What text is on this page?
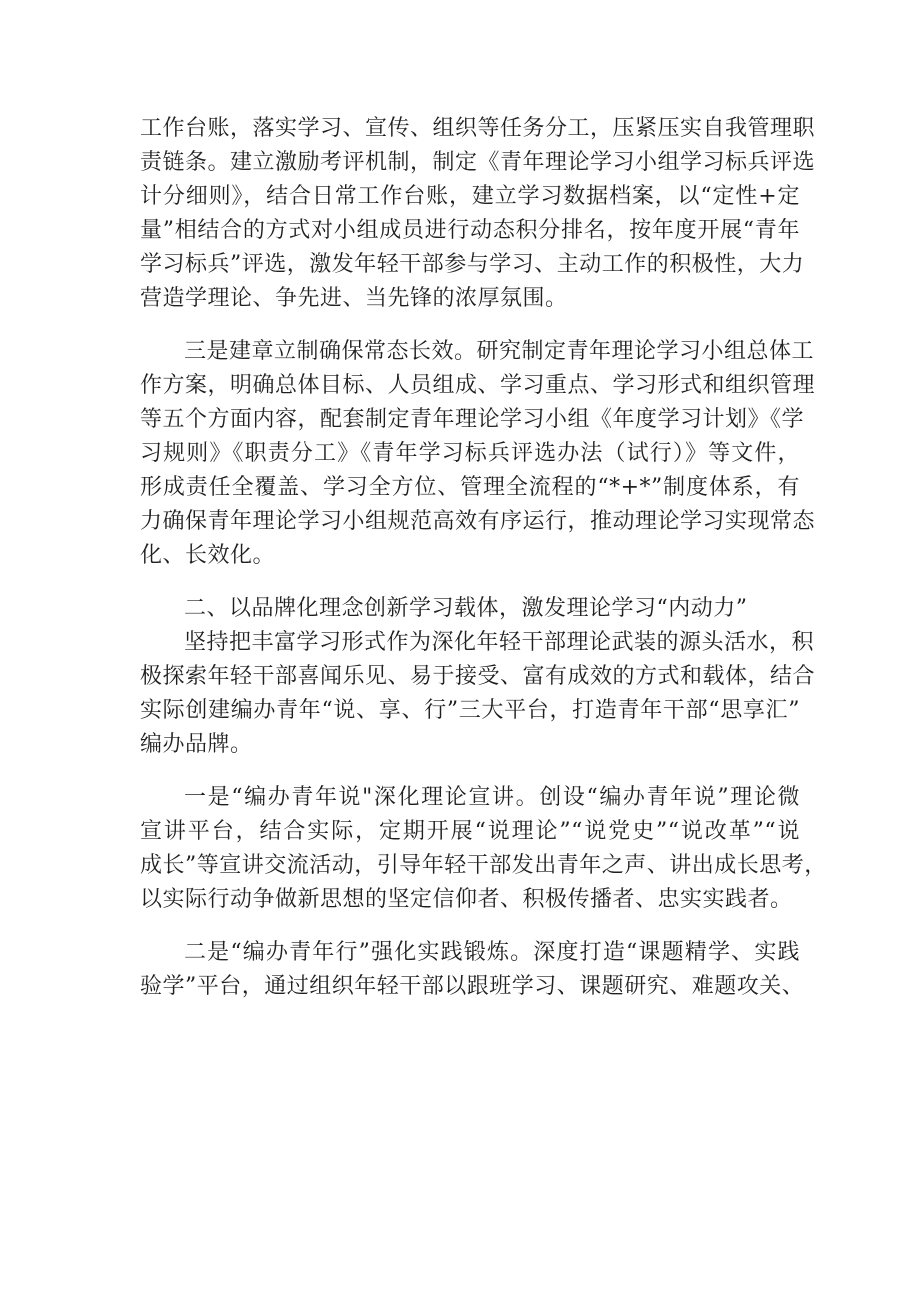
工作台账，落实学习、宣传、组织等任务分工，压紧压实自我管理职
责链条。建立激励考评机制，制定《青年理论学习小组学习标兵评选
计分细则》，结合日常工作台账，建立学习数据档案，以“定性+定
量”相结合的方式对小组成员进行动态积分排名，按年度开展“青年
学习标兵”评选，激发年轻干部参与学习、主动工作的积极性，大力
营造学理论、争先进、当先锋的浓厚氛围。
三是建章立制确保常态长效。研究制定青年理论学习小组总体工
作方案，明确总体目标、人员组成、学习重点、学习形式和组织管理
等五个方面内容，配套制定青年理论学习小组《年度学习计划》《学
习规则》《职责分工》《青年学习标兵评选办法（试行）》等文件，
形成责任全覆盖、学习全方位、管理全流程的“*+*”制度体系，有
力确保青年理论学习小组规范高效有序运行，推动理论学习实现常态
化、长效化。
二、以品牌化理念创新学习载体，激发理论学习“内动力”
坚持把丰富学习形式作为深化年轻干部理论武装的源头活水，积
极探索年轻干部喜闻乐见、易于接受、富有成效的方式和载体，结合
实际创建编办青年“说、享、行”三大平台，打造青年干部“思享汇”
编办品牌。
一是“编办青年说"深化理论宣讲。创设“编办青年说”理论微
宣讲平台，结合实际，定期开展“说理论”“说党史”“说改革”“说
成长”等宣讲交流活动，引导年轻干部发出青年之声、讲出成长思考，
以实际行动争做新思想的坚定信仰者、积极传播者、忠实实践者。
二是“编办青年行”强化实践锻炼。深度打造“课题精学、实践
验学”平台，通过组织年轻干部以跟班学习、课题研究、难题攻关、
